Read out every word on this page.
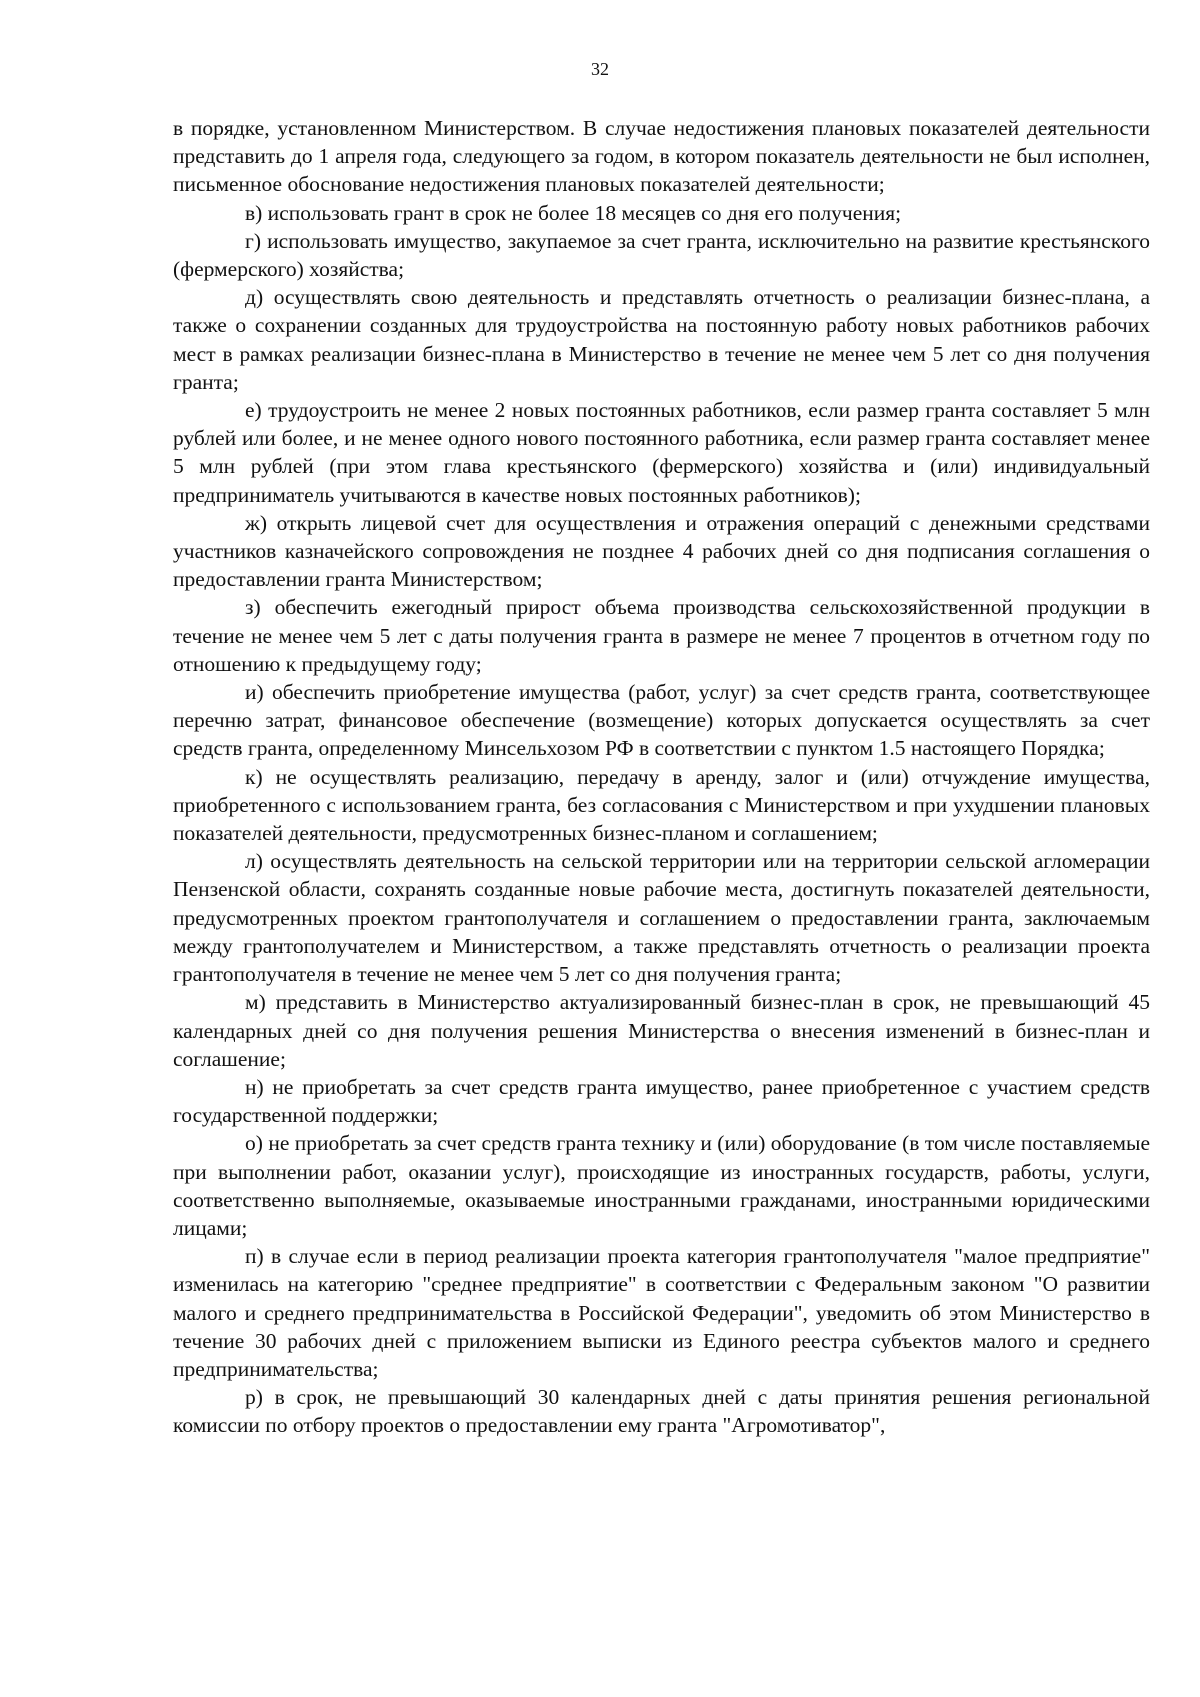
32

в порядке, установленном Министерством. В случае недостижения плановых показателей деятельности представить до 1 апреля года, следующего за годом, в котором показатель деятельности не был исполнен, письменное обоснование недостижения плановых показателей деятельности;

в) использовать грант в срок не более 18 месяцев со дня его получения;

г) использовать имущество, закупаемое за счет гранта, исключительно на развитие крестьянского (фермерского) хозяйства;

д) осуществлять свою деятельность и представлять отчетность о реализации бизнес-плана, а также о сохранении созданных для трудоустройства на постоянную работу новых работников рабочих мест в рамках реализации бизнес-плана в Министерство в течение не менее чем 5 лет со дня получения гранта;

е) трудоустроить не менее 2 новых постоянных работников, если размер гранта составляет 5 млн рублей или более, и не менее одного нового постоянного работника, если размер гранта составляет менее 5 млн рублей (при этом глава крестьянского (фермерского) хозяйства и (или) индивидуальный предприниматель учитываются в качестве новых постоянных работников);

ж) открыть лицевой счет для осуществления и отражения операций с денежными средствами участников казначейского сопровождения не позднее 4 рабочих дней со дня подписания соглашения о предоставлении гранта Министерством;

з) обеспечить ежегодный прирост объема производства сельскохозяйственной продукции в течение не менее чем 5 лет с даты получения гранта в размере не менее 7 процентов в отчетном году по отношению к предыдущему году;

и) обеспечить приобретение имущества (работ, услуг) за счет средств гранта, соответствующее перечню затрат, финансовое обеспечение (возмещение) которых допускается осуществлять за счет средств гранта, определенному Минсельхозом РФ в соответствии с пунктом 1.5 настоящего Порядка;

к) не осуществлять реализацию, передачу в аренду, залог и (или) отчуждение имущества, приобретенного с использованием гранта, без согласования с Министерством и при ухудшении плановых показателей деятельности, предусмотренных бизнес-планом и соглашением;

л) осуществлять деятельность на сельской территории или на территории сельской агломерации Пензенской области, сохранять созданные новые рабочие места, достигнуть показателей деятельности, предусмотренных проектом грантополучателя и соглашением о предоставлении гранта, заключаемым между грантополучателем и Министерством, а также представлять отчетность о реализации проекта грантополучателя в течение не менее чем 5 лет со дня получения гранта;

м) представить в Министерство актуализированный бизнес-план в срок, не превышающий 45 календарных дней со дня получения решения Министерства о внесения изменений в бизнес-план и соглашение;

н) не приобретать за счет средств гранта имущество, ранее приобретенное с участием средств государственной поддержки;

о) не приобретать за счет средств гранта технику и (или) оборудование (в том числе поставляемые при выполнении работ, оказании услуг), происходящие из иностранных государств, работы, услуги, соответственно выполняемые, оказываемые иностранными гражданами, иностранными юридическими лицами;

п) в случае если в период реализации проекта категория грантополучателя "малое предприятие" изменилась на категорию "среднее предприятие" в соответствии с Федеральным законом "О развитии малого и среднего предпринимательства в Российской Федерации", уведомить об этом Министерство в течение 30 рабочих дней с приложением выписки из Единого реестра субъектов малого и среднего предпринимательства;

р) в срок, не превышающий 30 календарных дней с даты принятия решения региональной комиссии по отбору проектов о предоставлении ему гранта "Агромотиватор",
